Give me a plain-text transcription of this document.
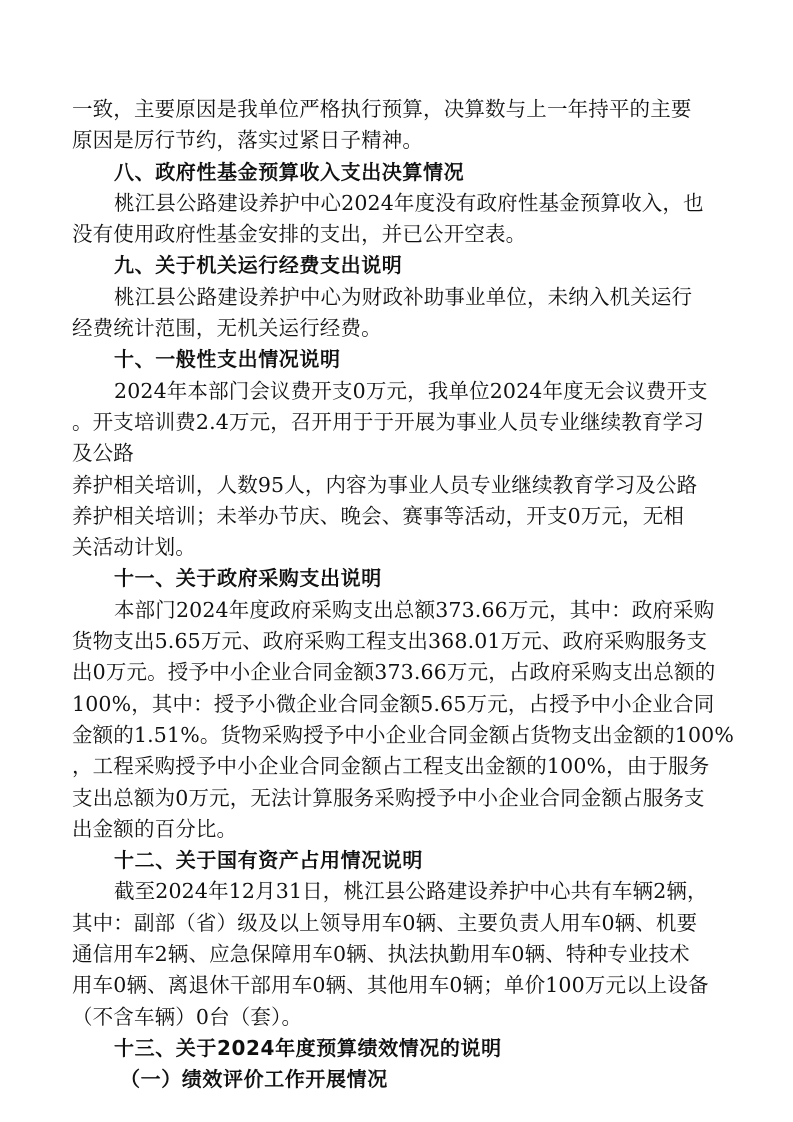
一致，主要原因是我单位严格执行预算，决算数与上一年持平的主要
原因是厉行节约，落实过紧日子精神。
八、政府性基金预算收入支出决算情况
桃江县公路建设养护中心2024年度没有政府性基金预算收入，也
没有使用政府性基金安排的支出，并已公开空表。
九、关于机关运行经费支出说明
桃江县公路建设养护中心为财政补助事业单位，未纳入机关运行
经费统计范围，无机关运行经费。
十、一般性支出情况说明
2024年本部门会议费开支0万元，我单位2024年度无会议费开支
。开支培训费2.4万元，召开用于于开展为事业人员专业继续教育学习
及公路
养护相关培训，人数95人，内容为事业人员专业继续教育学习及公路
养护相关培训；未举办节庆、晚会、赛事等活动，开支0万元，无相
关活动计划。
十一、关于政府采购支出说明
本部门2024年度政府采购支出总额373.66万元，其中：政府采购
货物支出5.65万元、政府采购工程支出368.01万元、政府采购服务支
出0万元。授予中小企业合同金额373.66万元，占政府采购支出总额的
100%，其中：授予小微企业合同金额5.65万元，占授予中小企业合同
金额的1.51%。货物采购授予中小企业合同金额占货物支出金额的100%
，工程采购授予中小企业合同金额占工程支出金额的100%，由于服务
支出总额为0万元，无法计算服务采购授予中小企业合同金额占服务支
出金额的百分比。
十二、关于国有资产占用情况说明
截至2024年12月31日，桃江县公路建设养护中心共有车辆2辆，
其中：副部（省）级及以上领导用车0辆、主要负责人用车0辆、机要
通信用车2辆、应急保障用车0辆、执法执勤用车0辆、特种专业技术
用车0辆、离退休干部用车0辆、其他用车0辆；单价100万元以上设备
（不含车辆）0台（套）。
十三、关于2024年度预算绩效情况的说明
（一）绩效评价工作开展情况
